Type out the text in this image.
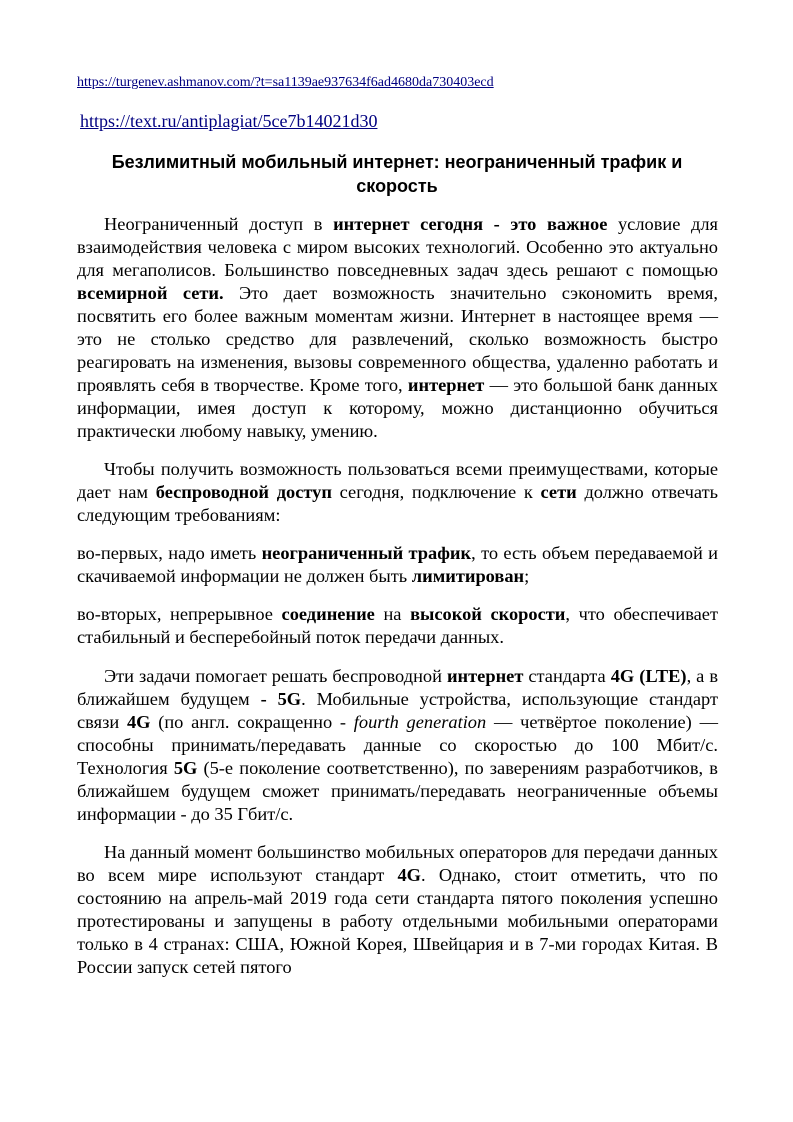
https://turgenev.ashmanov.com/?t=sa1139ae937634f6ad4680da730403ecd
https://text.ru/antiplagiat/5ce7b14021d30
Безлимитный мобильный интернет: неограниченный трафик и скорость

Неограниченный доступ в интернет сегодня - это важное условие для взаимодействия человека с миром высоких технологий. Особенно это актуально для мегаполисов. Большинство повседневных задач здесь решают с помощью всемирной сети. Это дает возможность значительно сэкономить время, посвятить его более важным моментам жизни. Интернет в настоящее время — это не столько средство для развлечений, сколько возможность быстро реагировать на изменения, вызовы современного общества, удаленно работать и проявлять себя в творчестве. Кроме того, интернет — это большой банк данных информации, имея доступ к которому, можно дистанционно обучиться практически любому навыку, умению.

Чтобы получить возможность пользоваться всеми преимуществами, которые дает нам беспроводной доступ сегодня, подключение к сети должно отвечать следующим требованиям:

во-первых, надо иметь неограниченный трафик, то есть объем передаваемой и скачиваемой информации не должен быть лимитирован;

во-вторых, непрерывное соединение на высокой скорости, что обеспечивает стабильный и бесперебойный поток передачи данных.

Эти задачи помогает решать беспроводной интернет стандарта 4G (LTE), а в ближайшем будущем - 5G. Мобильные устройства, использующие стандарт связи 4G (по англ. сокращенно - fourth generation — четвёртое поколение) — способны принимать/передавать данные со скоростью до 100 Мбит/с. Технология 5G (5-е поколение соответственно), по заверениям разработчиков, в ближайшем будущем сможет принимать/передавать неограниченные объемы информации - до 35 Гбит/с.

На данный момент большинство мобильных операторов для передачи данных во всем мире используют стандарт 4G. Однако, стоит отметить, что по состоянию на апрель-май 2019 года сети стандарта пятого поколения успешно протестированы и запущены в работу отдельными мобильными операторами только в 4 странах: США, Южной Корея, Швейцария и в 7-ми городах Китая. В России запуск сетей пятого
